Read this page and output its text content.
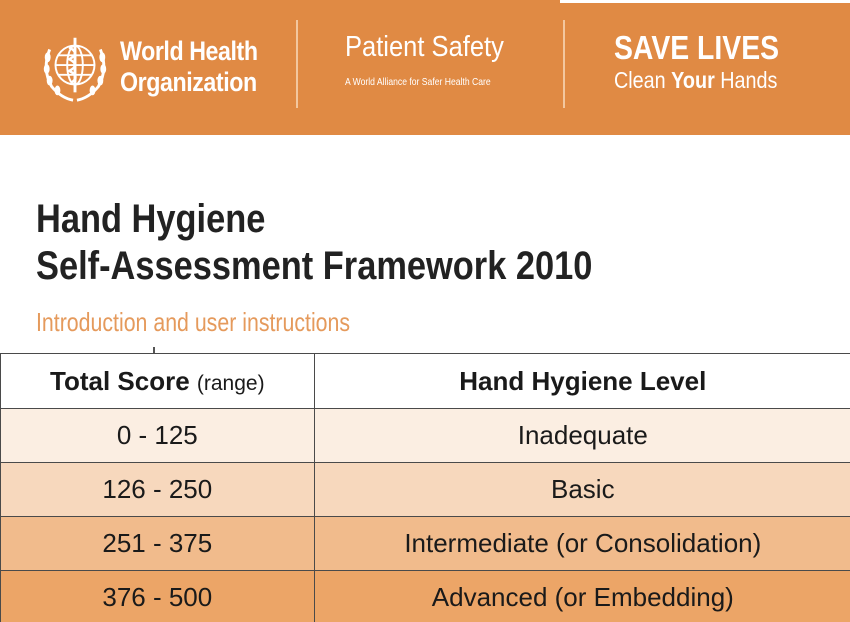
World Health
Organization
Patient Safety
A World Alliance for Safer Health Care
SAVE LIVES
Clean Your Hands
Hand Hygiene
Self-Assessment Framework 2010
Introduction and user instructions
Total Score (range)	Hand Hygiene Level
0 - 125	Inadequate
126 - 250	Basic
251 - 375	Intermediate (or Consolidation)
376 - 500	Advanced (or Embedding)
